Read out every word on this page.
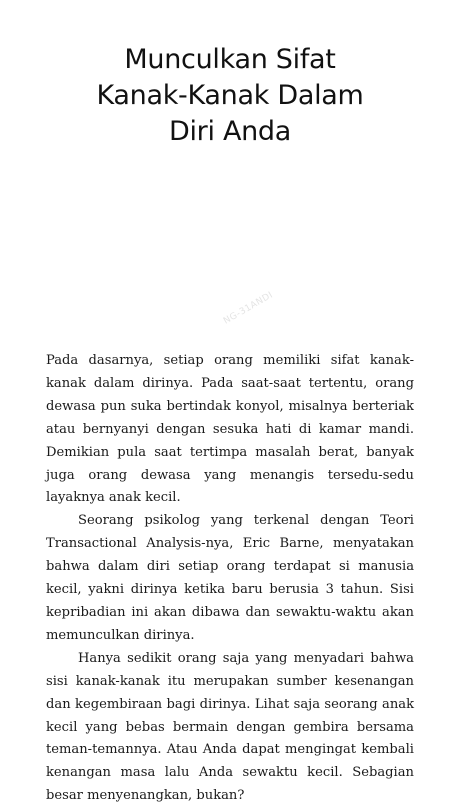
Munculkan Sifat
Kanak-Kanak Dalam
Diri Anda
NG-31ANDI

Pada dasarnya, setiap orang memiliki sifat kanak-kanak dalam dirinya. Pada saat-saat tertentu, orang dewasa pun suka bertindak konyol, misalnya berteriak atau bernyanyi dengan sesuka hati di kamar mandi. Demikian pula saat tertimpa masalah berat, banyak juga orang dewasa yang menangis tersedu-sedu layaknya anak kecil.

Seorang psikolog yang terkenal dengan Teori Transactional Analysis-nya, Eric Barne, menyatakan bahwa dalam diri setiap orang terdapat si manusia kecil, yakni dirinya ketika baru berusia 3 tahun. Sisi kepribadian ini akan dibawa dan sewaktu-waktu akan memunculkan dirinya.

Hanya sedikit orang saja yang menyadari bahwa sisi kanak-kanak itu merupakan sumber kesenangan dan kegembiraan bagi dirinya. Lihat saja seorang anak kecil yang bebas bermain dengan gembira bersama teman-temannya. Atau Anda dapat mengingat kembali kenangan masa lalu Anda sewaktu kecil. Sebagian besar menyenangkan, bukan?
